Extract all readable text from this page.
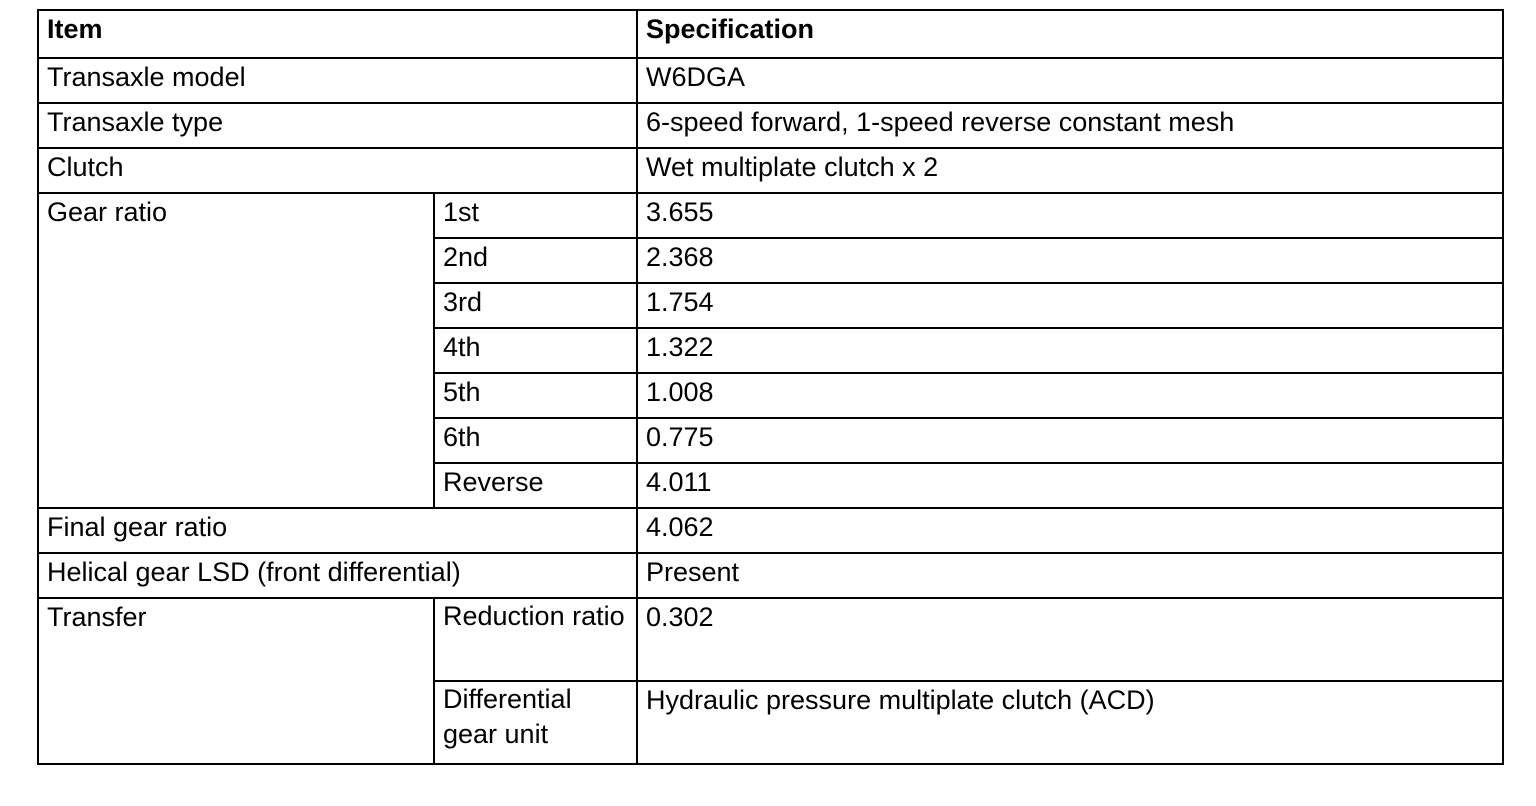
Item		Specification
Transaxle model		W6DGA
Transaxle type		6-speed forward, 1-speed reverse constant mesh
Clutch		Wet multiplate clutch x 2
Gear ratio	1st	3.655
	2nd	2.368
	3rd	1.754
	4th	1.322
	5th	1.008
	6th	0.775
	Reverse	4.011
Final gear ratio		4.062
Helical gear LSD (front differential)		Present
Transfer	Reduction ratio	0.302
	Differential gear unit	Hydraulic pressure multiplate clutch (ACD)
